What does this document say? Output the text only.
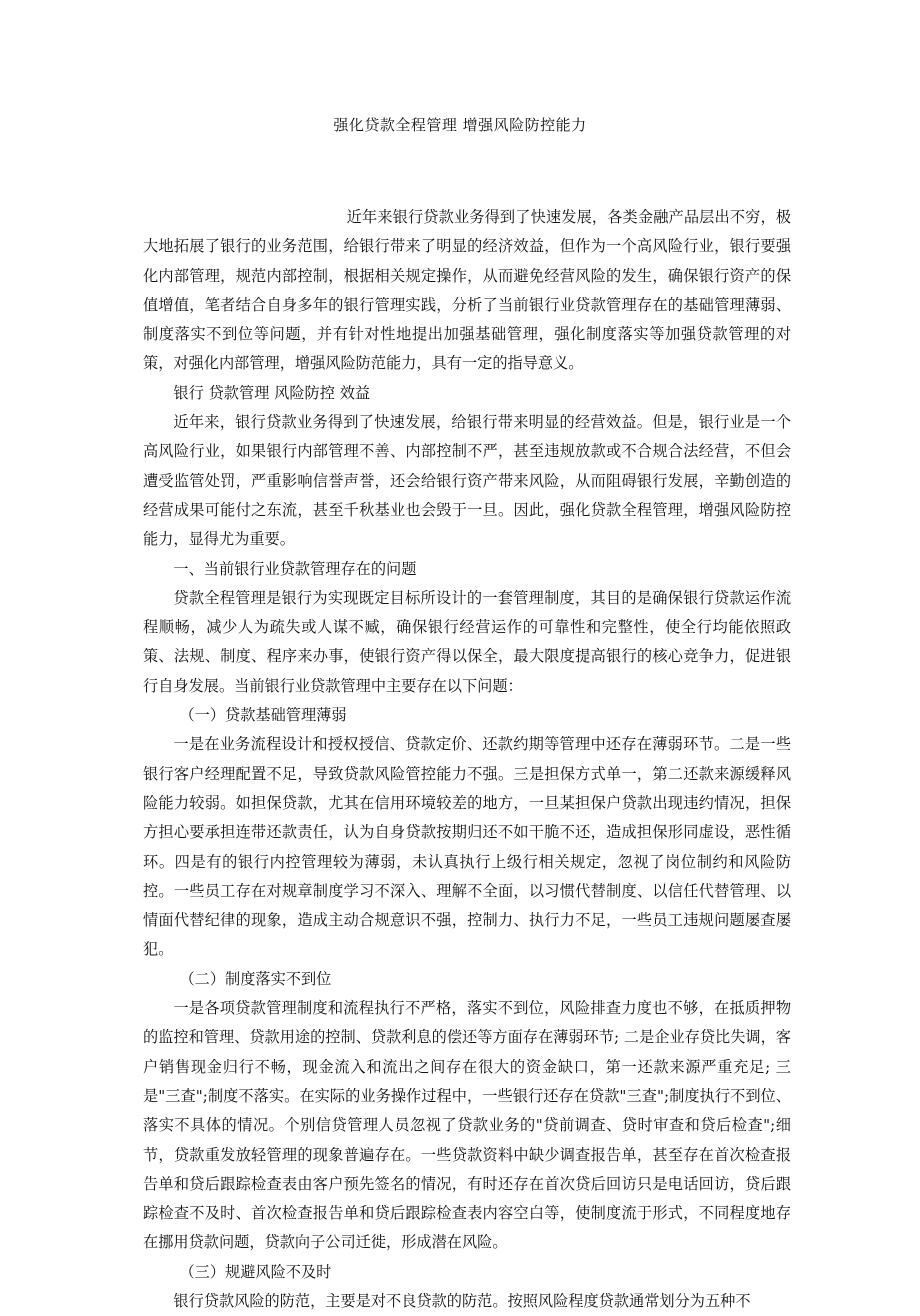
强化贷款全程管理 增强风险防控能力

近年来银行贷款业务得到了快速发展，各类金融产品层出不穷，极大地拓展了银行的业务范围，给银行带来了明显的经济效益，但作为一个高风险行业，银行要强化内部管理，规范内部控制，根据相关规定操作，从而避免经营风险的发生，确保银行资产的保值增值，笔者结合自身多年的银行管理实践，分析了当前银行业贷款管理存在的基础管理薄弱、制度落实不到位等问题，并有针对性地提出加强基础管理，强化制度落实等加强贷款管理的对策，对强化内部管理，增强风险防范能力，具有一定的指导意义。

银行 贷款管理 风险防控 效益

近年来，银行贷款业务得到了快速发展，给银行带来明显的经营效益。但是，银行业是一个高风险行业，如果银行内部管理不善、内部控制不严，甚至违规放款或不合规合法经营，不但会遭受监管处罚，严重影响信誉声誉，还会给银行资产带来风险，从而阻碍银行发展，辛勤创造的经营成果可能付之东流，甚至千秋基业也会毁于一旦。因此，强化贷款全程管理，增强风险防控能力，显得尤为重要。

一、当前银行业贷款管理存在的问题

贷款全程管理是银行为实现既定目标所设计的一套管理制度，其目的是确保银行贷款运作流程顺畅，减少人为疏失或人谋不臧，确保银行经营运作的可靠性和完整性，使全行均能依照政策、法规、制度、程序来办事，使银行资产得以保全，最大限度提高银行的核心竞争力，促进银行自身发展。当前银行业贷款管理中主要存在以下问题：

（一）贷款基础管理薄弱

一是在业务流程设计和授权授信、贷款定价、还款约期等管理中还存在薄弱环节。二是一些银行客户经理配置不足，导致贷款风险管控能力不强。三是担保方式单一，第二还款来源缓释风险能力较弱。如担保贷款，尤其在信用环境较差的地方，一旦某担保户贷款出现违约情况，担保方担心要承担连带还款责任，认为自身贷款按期归还不如干脆不还，造成担保形同虚设，恶性循环。四是有的银行内控管理较为薄弱，未认真执行上级行相关规定，忽视了岗位制约和风险防控。一些员工存在对规章制度学习不深入、理解不全面，以习惯代替制度、以信任代替管理、以情面代替纪律的现象，造成主动合规意识不强，控制力、执行力不足，一些员工违规问题屡查屡犯。

（二）制度落实不到位

一是各项贷款管理制度和流程执行不严格，落实不到位，风险排查力度也不够，在抵质押物的监控和管理、贷款用途的控制、贷款利息的偿还等方面存在薄弱环节; 二是企业存贷比失调，客户销售现金归行不畅，现金流入和流出之间存在很大的资金缺口，第一还款来源严重充足; 三是"三查";制度不落实。在实际的业务操作过程中，一些银行还存在贷款"三查";制度执行不到位、落实不具体的情况。个别信贷管理人员忽视了贷款业务的"贷前调查、贷时审查和贷后检查";细节，贷款重发放轻管理的现象普遍存在。一些贷款资料中缺少调查报告单，甚至存在首次检查报告单和贷后跟踪检查表由客户预先签名的情况，有时还存在首次贷后回访只是电话回访，贷后跟踪检查不及时、首次检查报告单和贷后跟踪检查表内容空白等，使制度流于形式，不同程度地存在挪用贷款问题，贷款向子公司迁徙，形成潜在风险。

（三）规避风险不及时

银行贷款风险的防范，主要是对不良贷款的防范。按照风险程度贷款通常划分为五种不
